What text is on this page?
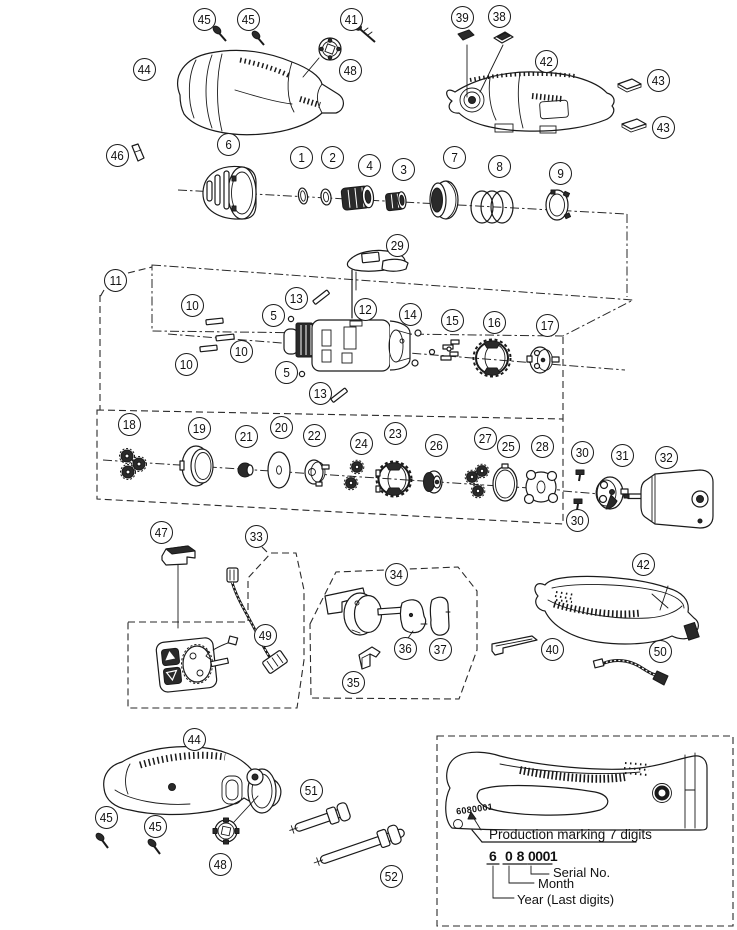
45 45	41	39 38
44	48
42
43
43
46
6
1 2
4 3
7
8	9
29
11
10	13
12 14 15 16	17
10
10
5
5
13
18	19
21
20
22
24
23
26	27
25 28 30 31 32
30
47	33
49
34
36 37
35
42
40	50
44
45
45
48
51
52
6080001
Production marking 7 digits
6 0 8 0001
Serial No.
Month
Year (Last digits)
